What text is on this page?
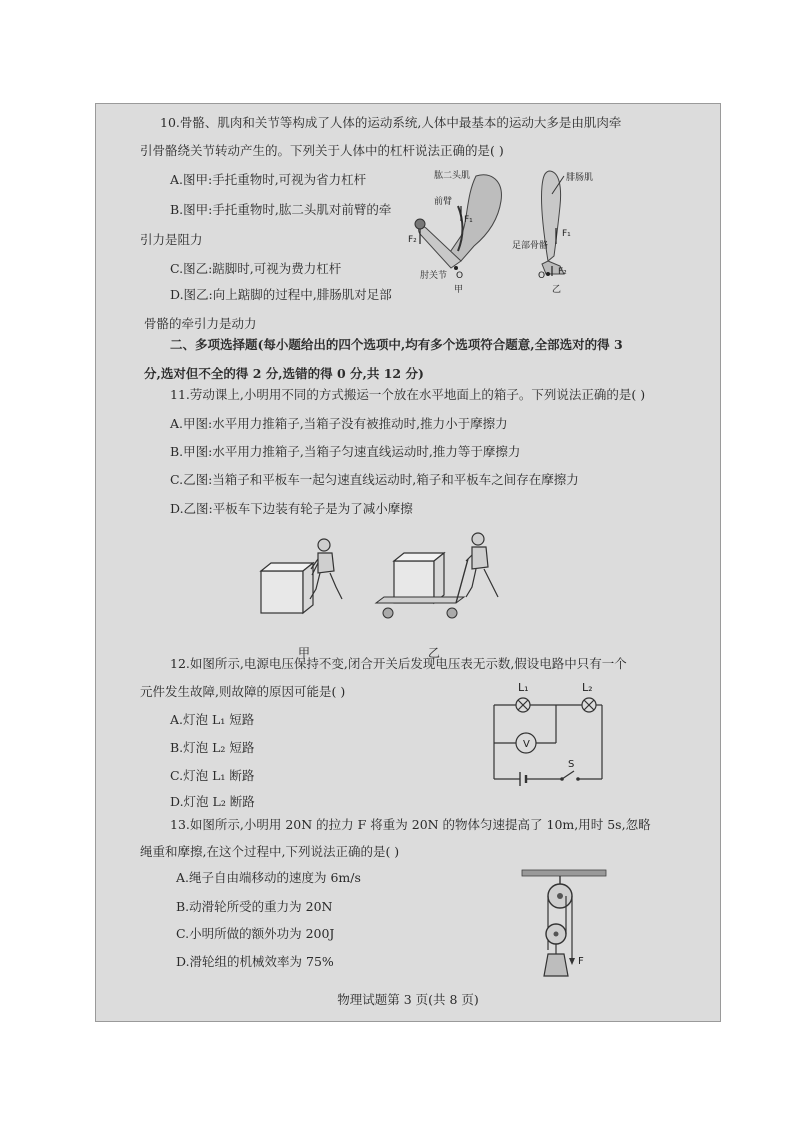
10.骨骼、肌肉和关节等构成了人体的运动系统,人体中最基本的运动大多是由肌肉牵
引骨骼绕关节转动产生的。下列关于人体中的杠杆说法正确的是( )
A.图甲:手托重物时,可视为省力杠杆
B.图甲:手托重物时,肱二头肌对前臂的牵
引力是阻力
C.图乙:踮脚时,可视为费力杠杆
D.图乙:向上踮脚的过程中,腓肠肌对足部
骨骼的牵引力是动力
肱二头肌
前臂
F₁
F₂
肘关节 O
甲
腓肠肌
足部骨骼
F₁
F₂
O
乙
二、多项选择题(每小题给出的四个选项中,均有多个选项符合题意,全部选对的得 3
分,选对但不全的得 2 分,选错的得 0 分,共 12 分)
11.劳动课上,小明用不同的方式搬运一个放在水平地面上的箱子。下列说法正确的是( )
A.甲图:水平用力推箱子,当箱子没有被推动时,推力小于摩擦力
B.甲图:水平用力推箱子,当箱子匀速直线运动时,推力等于摩擦力
C.乙图:当箱子和平板车一起匀速直线运动时,箱子和平板车之间存在摩擦力
D.乙图:平板车下边装有轮子是为了减小摩擦
甲	乙
12.如图所示,电源电压保持不变,闭合开关后发现电压表无示数,假设电路中只有一个
元件发生故障,则故障的原因可能是( )
A.灯泡 L₁ 短路
B.灯泡 L₂ 短路
C.灯泡 L₁ 断路
D.灯泡 L₂ 断路
L₁	L₂
V
S
13.如图所示,小明用 20N 的拉力 F 将重为 20N 的物体匀速提高了 10m,用时 5s,忽略
绳重和摩擦,在这个过程中,下列说法正确的是( )
A.绳子自由端移动的速度为 6m/s
B.动滑轮所受的重力为 20N
C.小明所做的额外功为 200J
D.滑轮组的机械效率为 75%	F
物理试题第 3 页(共 8 页)
